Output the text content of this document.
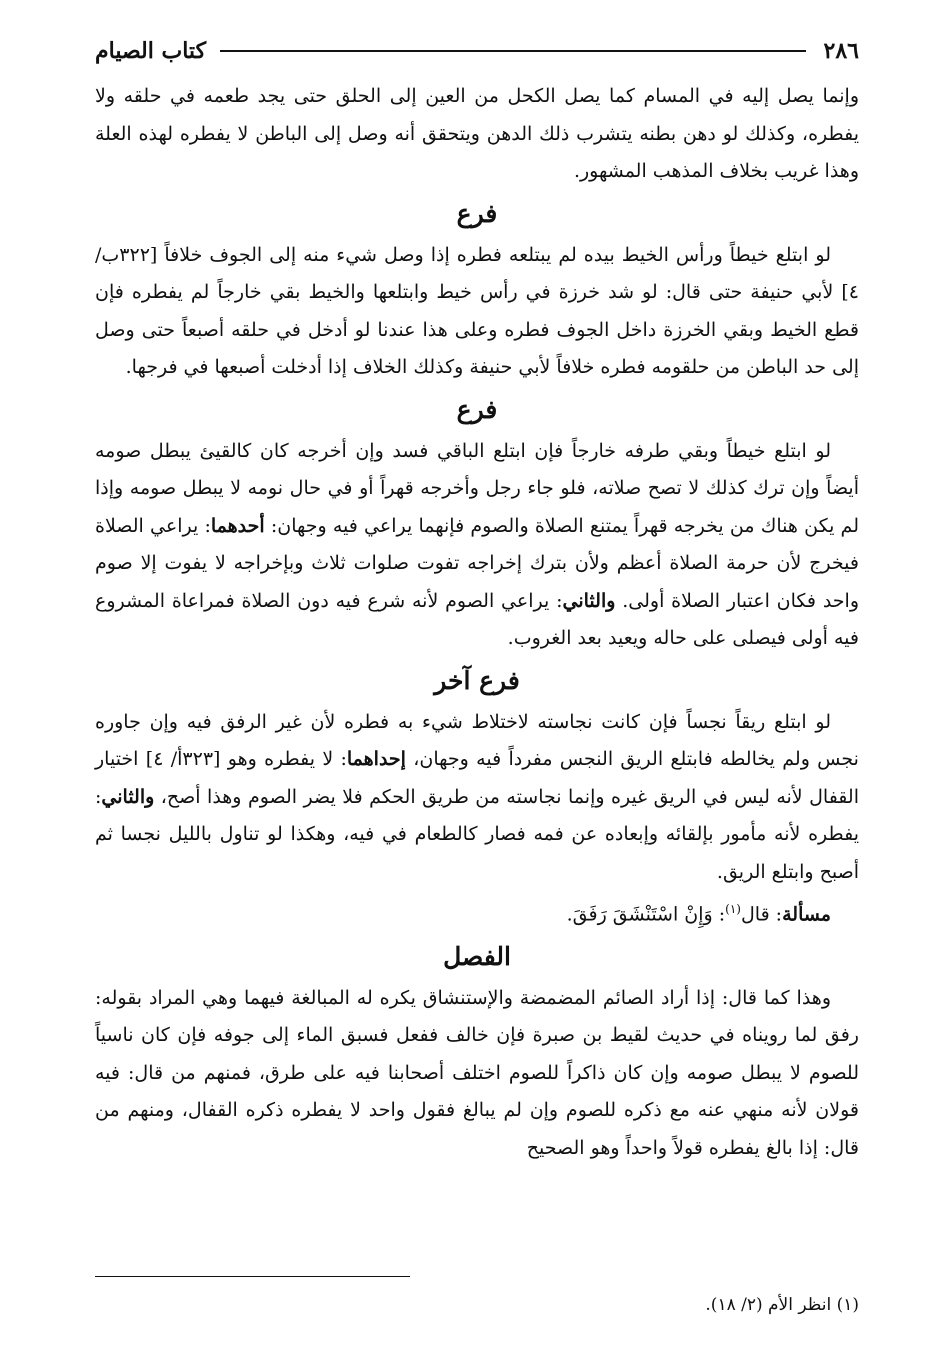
٢٨٦
كتاب الصيام

وإنما يصل إليه في المسام كما يصل الكحل من العين إلى الحلق حتى يجد طعمه في حلقه ولا يفطره، وكذلك لو دهن بطنه يتشرب ذلك الدهن ويتحقق أنه وصل إلى الباطن لا يفطره لهذه العلة وهذا غريب بخلاف المذهب المشهور.

فرع

لو ابتلع خيطاً ورأس الخيط بيده لم يبتلعه فطره إذا وصل شيء منه إلى الجوف خلافاً [٣٢٢ب/ ٤] لأبي حنيفة حتى قال: لو شد خرزة في رأس خيط وابتلعها والخيط بقي خارجاً لم يفطره فإن قطع الخيط وبقي الخرزة داخل الجوف فطره وعلى هذا عندنا لو أدخل في حلقه أصبعاً حتى وصل إلى حد الباطن من حلقومه فطره خلافاً لأبي حنيفة وكذلك الخلاف إذا أدخلت أصبعها في فرجها.

فرع

لو ابتلع خيطاً وبقي طرفه خارجاً فإن ابتلع الباقي فسد وإن أخرجه كان كالقيئ يبطل صومه أيضاً وإن ترك كذلك لا تصح صلاته، فلو جاء رجل وأخرجه قهراً أو في حال نومه لا يبطل صومه وإذا لم يكن هناك من يخرجه قهراً يمتنع الصلاة والصوم فإنهما يراعي فيه وجهان: أحدهما: يراعي الصلاة فيخرج لأن حرمة الصلاة أعظم ولأن بترك إخراجه تفوت صلوات ثلاث وبإخراجه لا يفوت إلا صوم واحد فكان اعتبار الصلاة أولى. والثاني: يراعي الصوم لأنه شرع فيه دون الصلاة فمراعاة المشروع فيه أولى فيصلى على حاله ويعيد بعد الغروب.

فرع آخر

لو ابتلع ريقاً نجساً فإن كانت نجاسته لاختلاط شيء به فطره لأن غير الرفق فيه وإن جاوره نجس ولم يخالطه فابتلع الريق النجس مفرداً فيه وجهان، إحداهما: لا يفطره وهو [٣٢٣أ/ ٤] اختيار القفال لأنه ليس في الريق غيره وإنما نجاسته من طريق الحكم فلا يضر الصوم وهذا أصح، والثاني: يفطره لأنه مأمور بإلقائه وإبعاده عن فمه فصار كالطعام في فيه، وهكذا لو تناول بالليل نجسا ثم أصبح وابتلع الريق.

مسألة: قال$^{(١)}$: وَإِنْ اسْتَنْشَقَ رَفَقَ.

الفصل

وهذا كما قال: إذا أراد الصائم المضمضة والإستنشاق يكره له المبالغة فيهما وهي المراد بقوله: رفق لما رويناه في حديث لقيط بن صبرة فإن خالف ففعل فسبق الماء إلى جوفه فإن كان ناسياً للصوم لا يبطل صومه وإن كان ذاكراً للصوم اختلف أصحابنا فيه على طرق، فمنهم من قال: فيه قولان لأنه منهي عنه مع ذكره للصوم وإن لم يبالغ فقول واحد لا يفطره ذكره القفال، ومنهم من قال: إذا بالغ يفطره قولاً واحداً وهو الصحيح

(١) انظر الأم (٢/ ١٨).
